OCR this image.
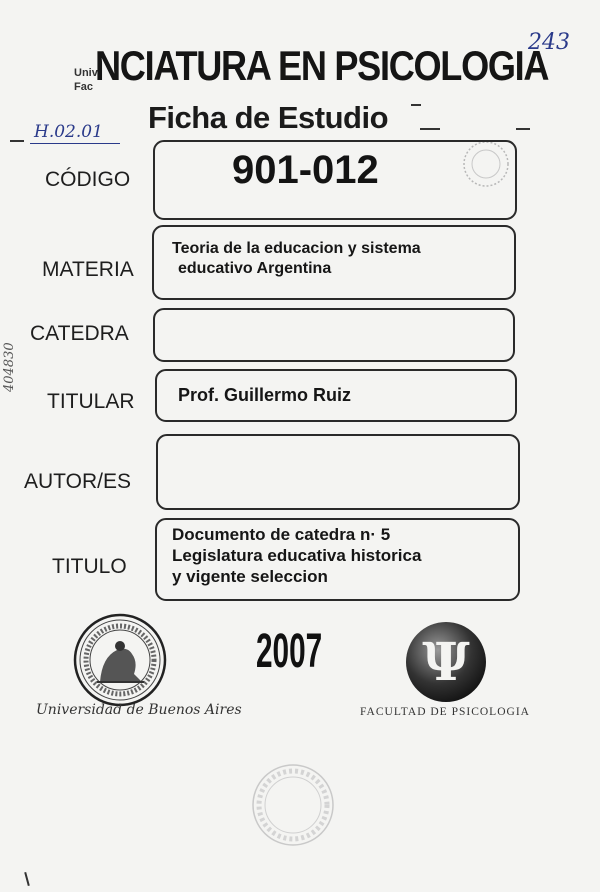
Univ
Fac NCIATURA EN PSICOLOGIA
243
Ficha de Estudio
H.02.01
CÓDIGO	901-012
MATERIA
Teoria de la educacion y sistema
educativo Argentina
CATEDRA
404830
TITULAR Prof. Guillermo Ruiz
AUTOR/ES
TITULO
Documento de catedra n· 5
Legislatura educativa historica
y vigente seleccion
Universidad de Buenos Aires
2007 Ψ
FACULTAD DE PSICOLOGIA
